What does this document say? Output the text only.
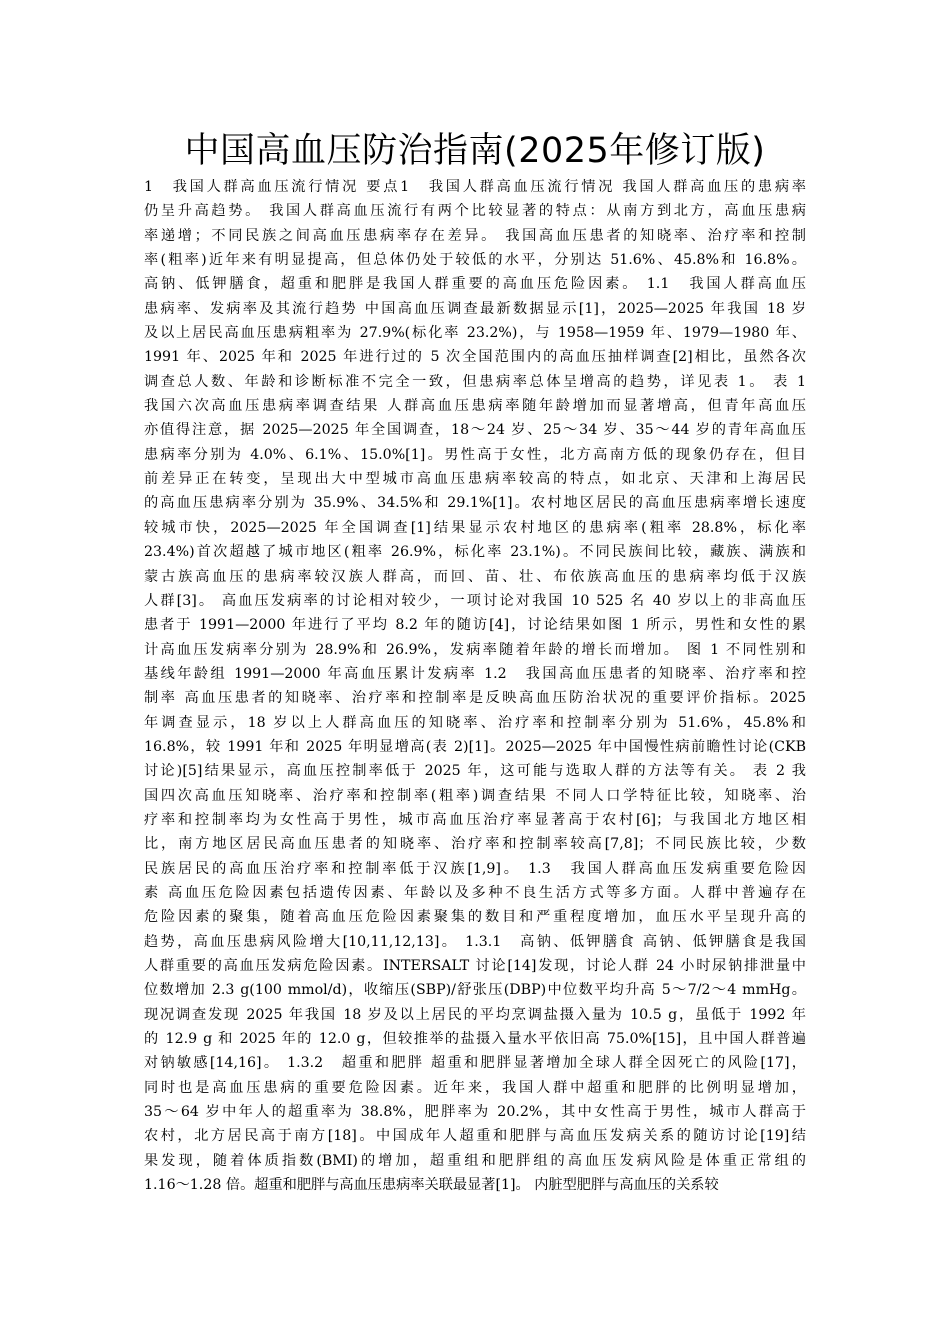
中国高血压防治指南(2025年修订版)
1　我国人群高血压流行情况 要点1　我国人群高血压流行情况 我国人群高血压的患病率
仍呈升高趋势。 我国人群高血压流行有两个比较显著的特点：从南方到北方，高血压患病
率递增；不同民族之间高血压患病率存在差异。 我国高血压患者的知晓率、治疗率和控制
率(粗率)近年来有明显提高，但总体仍处于较低的水平，分别达 51.6%、45.8%和 16.8%。
高钠、低钾膳食，超重和肥胖是我国人群重要的高血压危险因素。 1.1　我国人群高血压
患病率、发病率及其流行趋势 中国高血压调查最新数据显示[1]，2025—2025 年我国 18 岁
及以上居民高血压患病粗率为 27.9%(标化率 23.2%)，与 1958—1959 年、1979—1980 年、
1991 年、2025 年和 2025 年进行过的 5 次全国范围内的高血压抽样调查[2]相比，虽然各次
调查总人数、年龄和诊断标准不完全一致，但患病率总体呈增高的趋势，详见表 1。 表 1
我国六次高血压患病率调查结果 人群高血压患病率随年龄增加而显著增高，但青年高血压
亦值得注意，据 2025—2025 年全国调查，18～24 岁、25～34 岁、35～44 岁的青年高血压
患病率分别为 4.0%、6.1%、15.0%[1]。男性高于女性，北方高南方低的现象仍存在，但目
前差异正在转变，呈现出大中型城市高血压患病率较高的特点，如北京、天津和上海居民
的高血压患病率分别为 35.9%、34.5%和 29.1%[1]。农村地区居民的高血压患病率增长速度
较城市快，2025—2025 年全国调查[1]结果显示农村地区的患病率(粗率 28.8%，标化率
23.4%)首次超越了城市地区(粗率 26.9%，标化率 23.1%)。不同民族间比较，藏族、满族和
蒙古族高血压的患病率较汉族人群高，而回、苗、壮、布依族高血压的患病率均低于汉族
人群[3]。 高血压发病率的讨论相对较少，一项讨论对我国 10 525 名 40 岁以上的非高血压
患者于 1991—2000 年进行了平均 8.2 年的随访[4]，讨论结果如图 1 所示，男性和女性的累
计高血压发病率分别为 28.9%和 26.9%，发病率随着年龄的增长而增加。 图 1 不同性别和
基线年龄组 1991—2000 年高血压累计发病率 1.2　我国高血压患者的知晓率、治疗率和控
制率 高血压患者的知晓率、治疗率和控制率是反映高血压防治状况的重要评价指标。2025
年调查显示，18 岁以上人群高血压的知晓率、治疗率和控制率分别为 51.6%，45.8%和
16.8%，较 1991 年和 2025 年明显增高(表 2)[1]。2025—2025 年中国慢性病前瞻性讨论(CKB
讨论)[5]结果显示，高血压控制率低于 2025 年，这可能与选取人群的方法等有关。 表 2 我
国四次高血压知晓率、治疗率和控制率(粗率)调查结果 不同人口学特征比较，知晓率、治
疗率和控制率均为女性高于男性，城市高血压治疗率显著高于农村[6]；与我国北方地区相
比，南方地区居民高血压患者的知晓率、治疗率和控制率较高[7,8]；不同民族比较，少数
民族居民的高血压治疗率和控制率低于汉族[1,9]。 1.3　我国人群高血压发病重要危险因
素 高血压危险因素包括遗传因素、年龄以及多种不良生活方式等多方面。人群中普遍存在
危险因素的聚集，随着高血压危险因素聚集的数目和严重程度增加，血压水平呈现升高的
趋势，高血压患病风险增大[10,11,12,13]。 1.3.1　高钠、低钾膳食 高钠、低钾膳食是我国
人群重要的高血压发病危险因素。INTERSALT 讨论[14]发现，讨论人群 24 小时尿钠排泄量中
位数增加 2.3 g(100 mmol/d)，收缩压(SBP)/舒张压(DBP)中位数平均升高 5～7/2～4 mmHg。
现况调查发现 2025 年我国 18 岁及以上居民的平均烹调盐摄入量为 10.5 g，虽低于 1992 年
的 12.9 g 和 2025 年的 12.0 g，但较推举的盐摄入量水平依旧高 75.0%[15]，且中国人群普遍
对钠敏感[14,16]。 1.3.2　超重和肥胖 超重和肥胖显著增加全球人群全因死亡的风险[17]，
同时也是高血压患病的重要危险因素。近年来，我国人群中超重和肥胖的比例明显增加，
35～64 岁中年人的超重率为 38.8%，肥胖率为 20.2%，其中女性高于男性，城市人群高于
农村，北方居民高于南方[18]。中国成年人超重和肥胖与高血压发病关系的随访讨论[19]结
果发现，随着体质指数(BMI)的增加，超重组和肥胖组的高血压发病风险是体重正常组的
1.16～1.28 倍。超重和肥胖与高血压患病率关联最显著[1]。 内脏型肥胖与高血压的关系较
